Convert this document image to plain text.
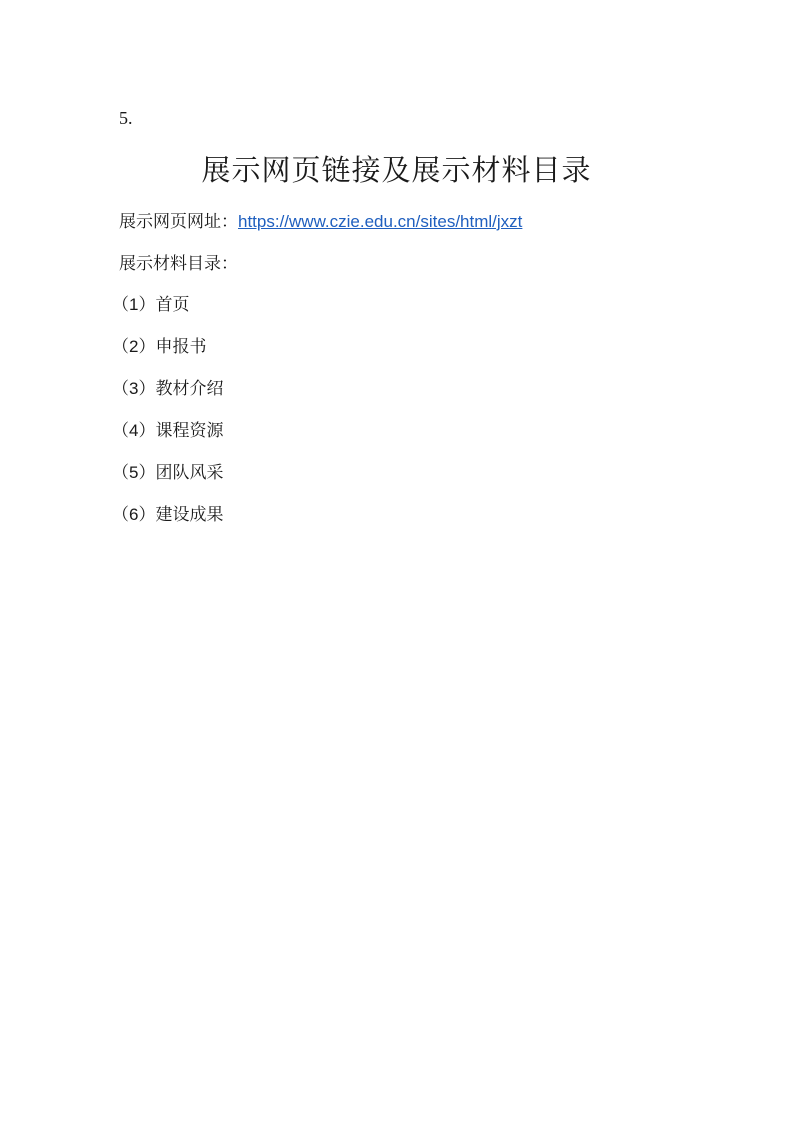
5.
展示网页链接及展示材料目录
展示网页网址：https://www.czie.edu.cn/sites/html/jxzt
展示材料目录：
（1）首页
（2）申报书
（3）教材介绍
（4）课程资源
（5）团队风采
（6）建设成果
